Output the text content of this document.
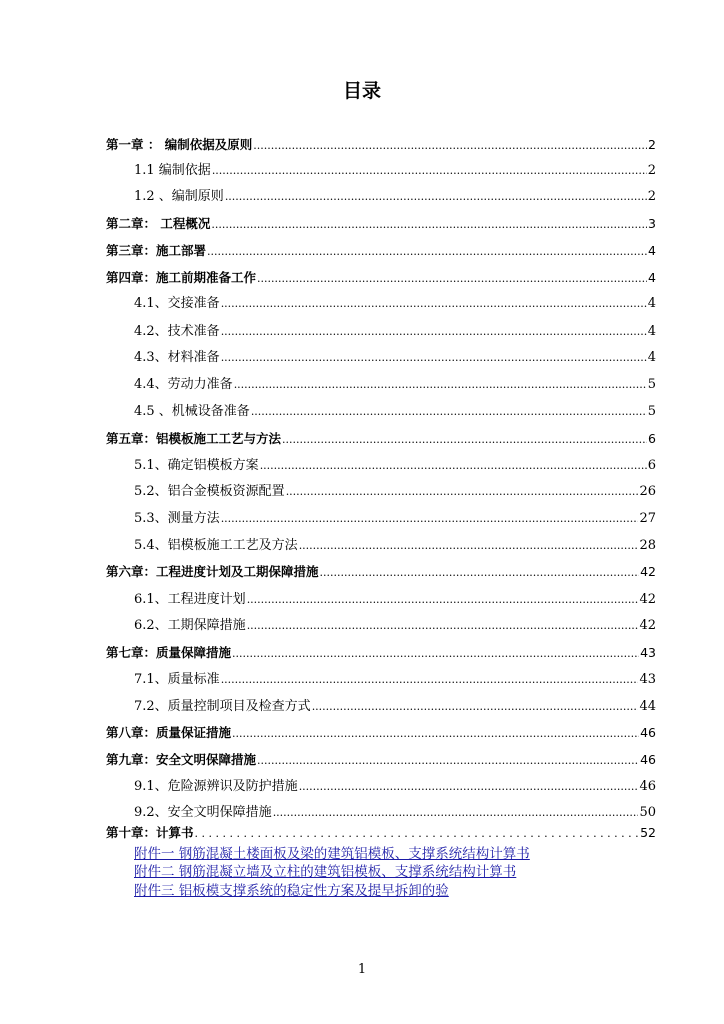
目录
第一章 ： 编制依据及原则 .....	2
1.1 编制依据 .....	2
1.2 、编制原则 .....	2
第二章： 工程概况 .....	3
第三章：施工部署 .....	4
第四章：施工前期准备工作 .....	4
4.1、交接准备 .....	4
4.2、技术准备 .....	4
4.3、材料准备 .....	4
4.4、劳动力准备 .....	5
4.5 、机械设备准备 .....	5
第五章：铝模板施工工艺与方法 .....	6
5.1、确定铝模板方案 .....	6
5.2、铝合金模板资源配置 .....	26
5.3、测量方法 .....	27
5.4、铝模板施工工艺及方法 .....	28
第六章：工程进度计划及工期保障措施 .....	42
6.1、工程进度计划 .....	42
6.2、工期保障措施 .....	42
第七章：质量保障措施 .....	43
7.1、质量标准 .....	43
7.2、质量控制项目及检查方式 .....	44
第八章：质量保证措施 .....	46
第九章：安全文明保障措施 .....	46
9.1、危险源辨识及防护措施 .....	46
9.2、安全文明保障措施 .....	50
第十章：计算书 . . .	52
附件一 钢筋混凝土楼面板及梁的建筑铝模板、支撑系统结构计算书
附件二 钢筋混凝立墙及立柱的建筑铝模板、支撑系统结构计算书
附件三 铝板模支撑系统的稳定性方案及提早拆卸的验
1
